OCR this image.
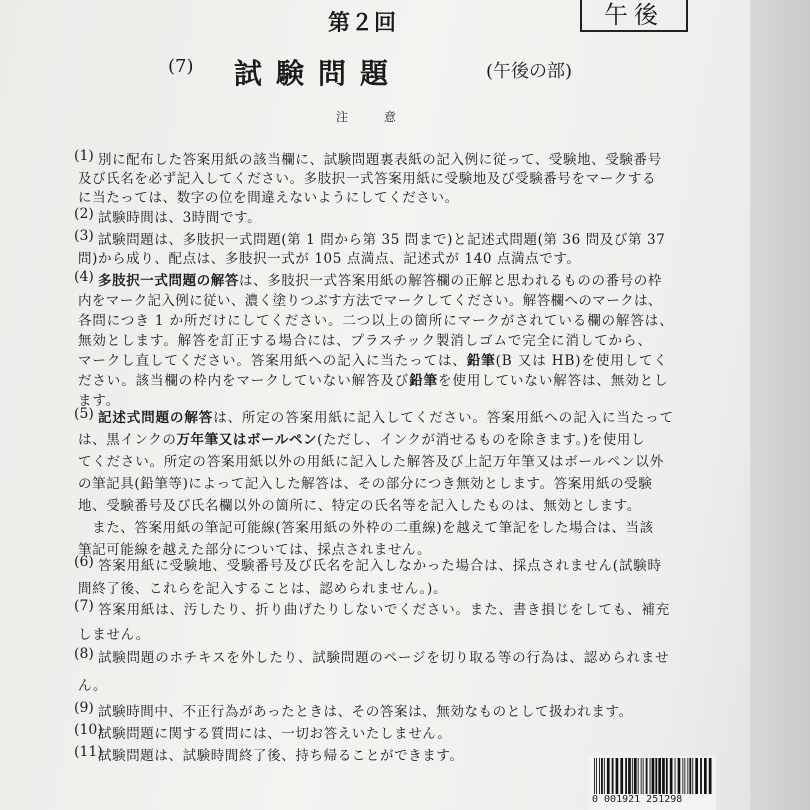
第２回	午後
(7) 試験問題	(午後の部)
注意
(1) 別に配布した答案用紙の該当欄に、試験問題裏表紙の記入例に従って、受験地、受験番号
及び氏名を必ず記入してください。多肢択一式答案用紙に受験地及び受験番号をマークする
に当たっては、数字の位を間違えないようにしてください。
(2) 試験時間は、3時間です。
(3) 試験問題は、多肢択一式問題(第 1 問から第 35 問まで)と記述式問題(第 36 問及び第 37
問)から成り、配点は、多肢択一式が 105 点満点、記述式が 140 点満点です。
(4) 多肢択一式問題の解答は、多肢択一式答案用紙の解答欄の正解と思われるものの番号の枠
内をマーク記入例に従い、濃く塗りつぶす方法でマークしてください。解答欄へのマークは、
各問につき 1 か所だけにしてください。二つ以上の箇所にマークがされている欄の解答は、
無効とします。解答を訂正する場合には、プラスチック製消しゴムで完全に消してから、
マークし直してください。答案用紙への記入に当たっては、鉛筆(B 又は HB)を使用してく
ださい。該当欄の枠内をマークしていない解答及び鉛筆を使用していない解答は、無効とし
ます。
(5) 記述式問題の解答は、所定の答案用紙に記入してください。答案用紙への記入に当たって
は、黒インクの万年筆又はボールペン(ただし、インクが消せるものを除きます。)を使用し
てください。所定の答案用紙以外の用紙に記入した解答及び上記万年筆又はボールペン以外
の筆記具(鉛筆等)によって記入した解答は、その部分につき無効とします。答案用紙の受験
地、受験番号及び氏名欄以外の箇所に、特定の氏名等を記入したものは、無効とします。
　また、答案用紙の筆記可能線(答案用紙の外枠の二重線)を越えて筆記をした場合は、当該
筆記可能線を越えた部分については、採点されません。
(6) 答案用紙に受験地、受験番号及び氏名を記入しなかった場合は、採点されません(試験時
間終了後、これらを記入することは、認められません。)。
(7) 答案用紙は、汚したり、折り曲げたりしないでください。また、書き損じをしても、補充
しません。
(8) 試験問題のホチキスを外したり、試験問題のページを切り取る等の行為は、認められませ
ん。
(9) 試験時間中、不正行為があったときは、その答案は、無効なものとして扱われます。
(10)
試験問題に関する質問には、一切お答えいたしません。
(11)
試験問題は、試験時間終了後、持ち帰ることができます。
0 001921 251298
